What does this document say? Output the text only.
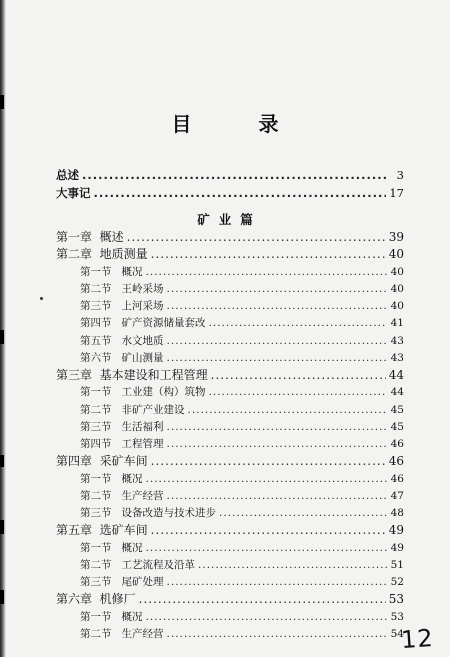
目 录
总述 .....	3
大事记 .....	17
矿业篇
第一章  概述 .....	39
第二章  地质测量 .....	40
第一节   概况 .....	40
第二节   王岭采场 .....	40
第三节   上河采场 .....	40
第四节   矿产资源储量套改 .....	41
第五节   水文地质 .....	43
第六节   矿山测量 .....	43
第三章  基本建设和工程管理 .....	44
第一节   工业建（构）筑物 .....	44
第二节   非矿产业建设 .....	45
第三节   生活福利 .....	45
第四节   工程管理 .....	46
第四章  采矿车间 .....	46
第一节   概况 .....	46
第二节   生产经营 .....	47
第三节   设备改造与技术进步 .....	48
第五章  选矿车间 .....	49
第一节   概况 .....	49
第二节   工艺流程及沿革 .....	51
第三节   尾矿处理 .....	52
第六章  机修厂 .....	53
第一节   概况 .....	53
第二节   生产经营 .....	54
12
